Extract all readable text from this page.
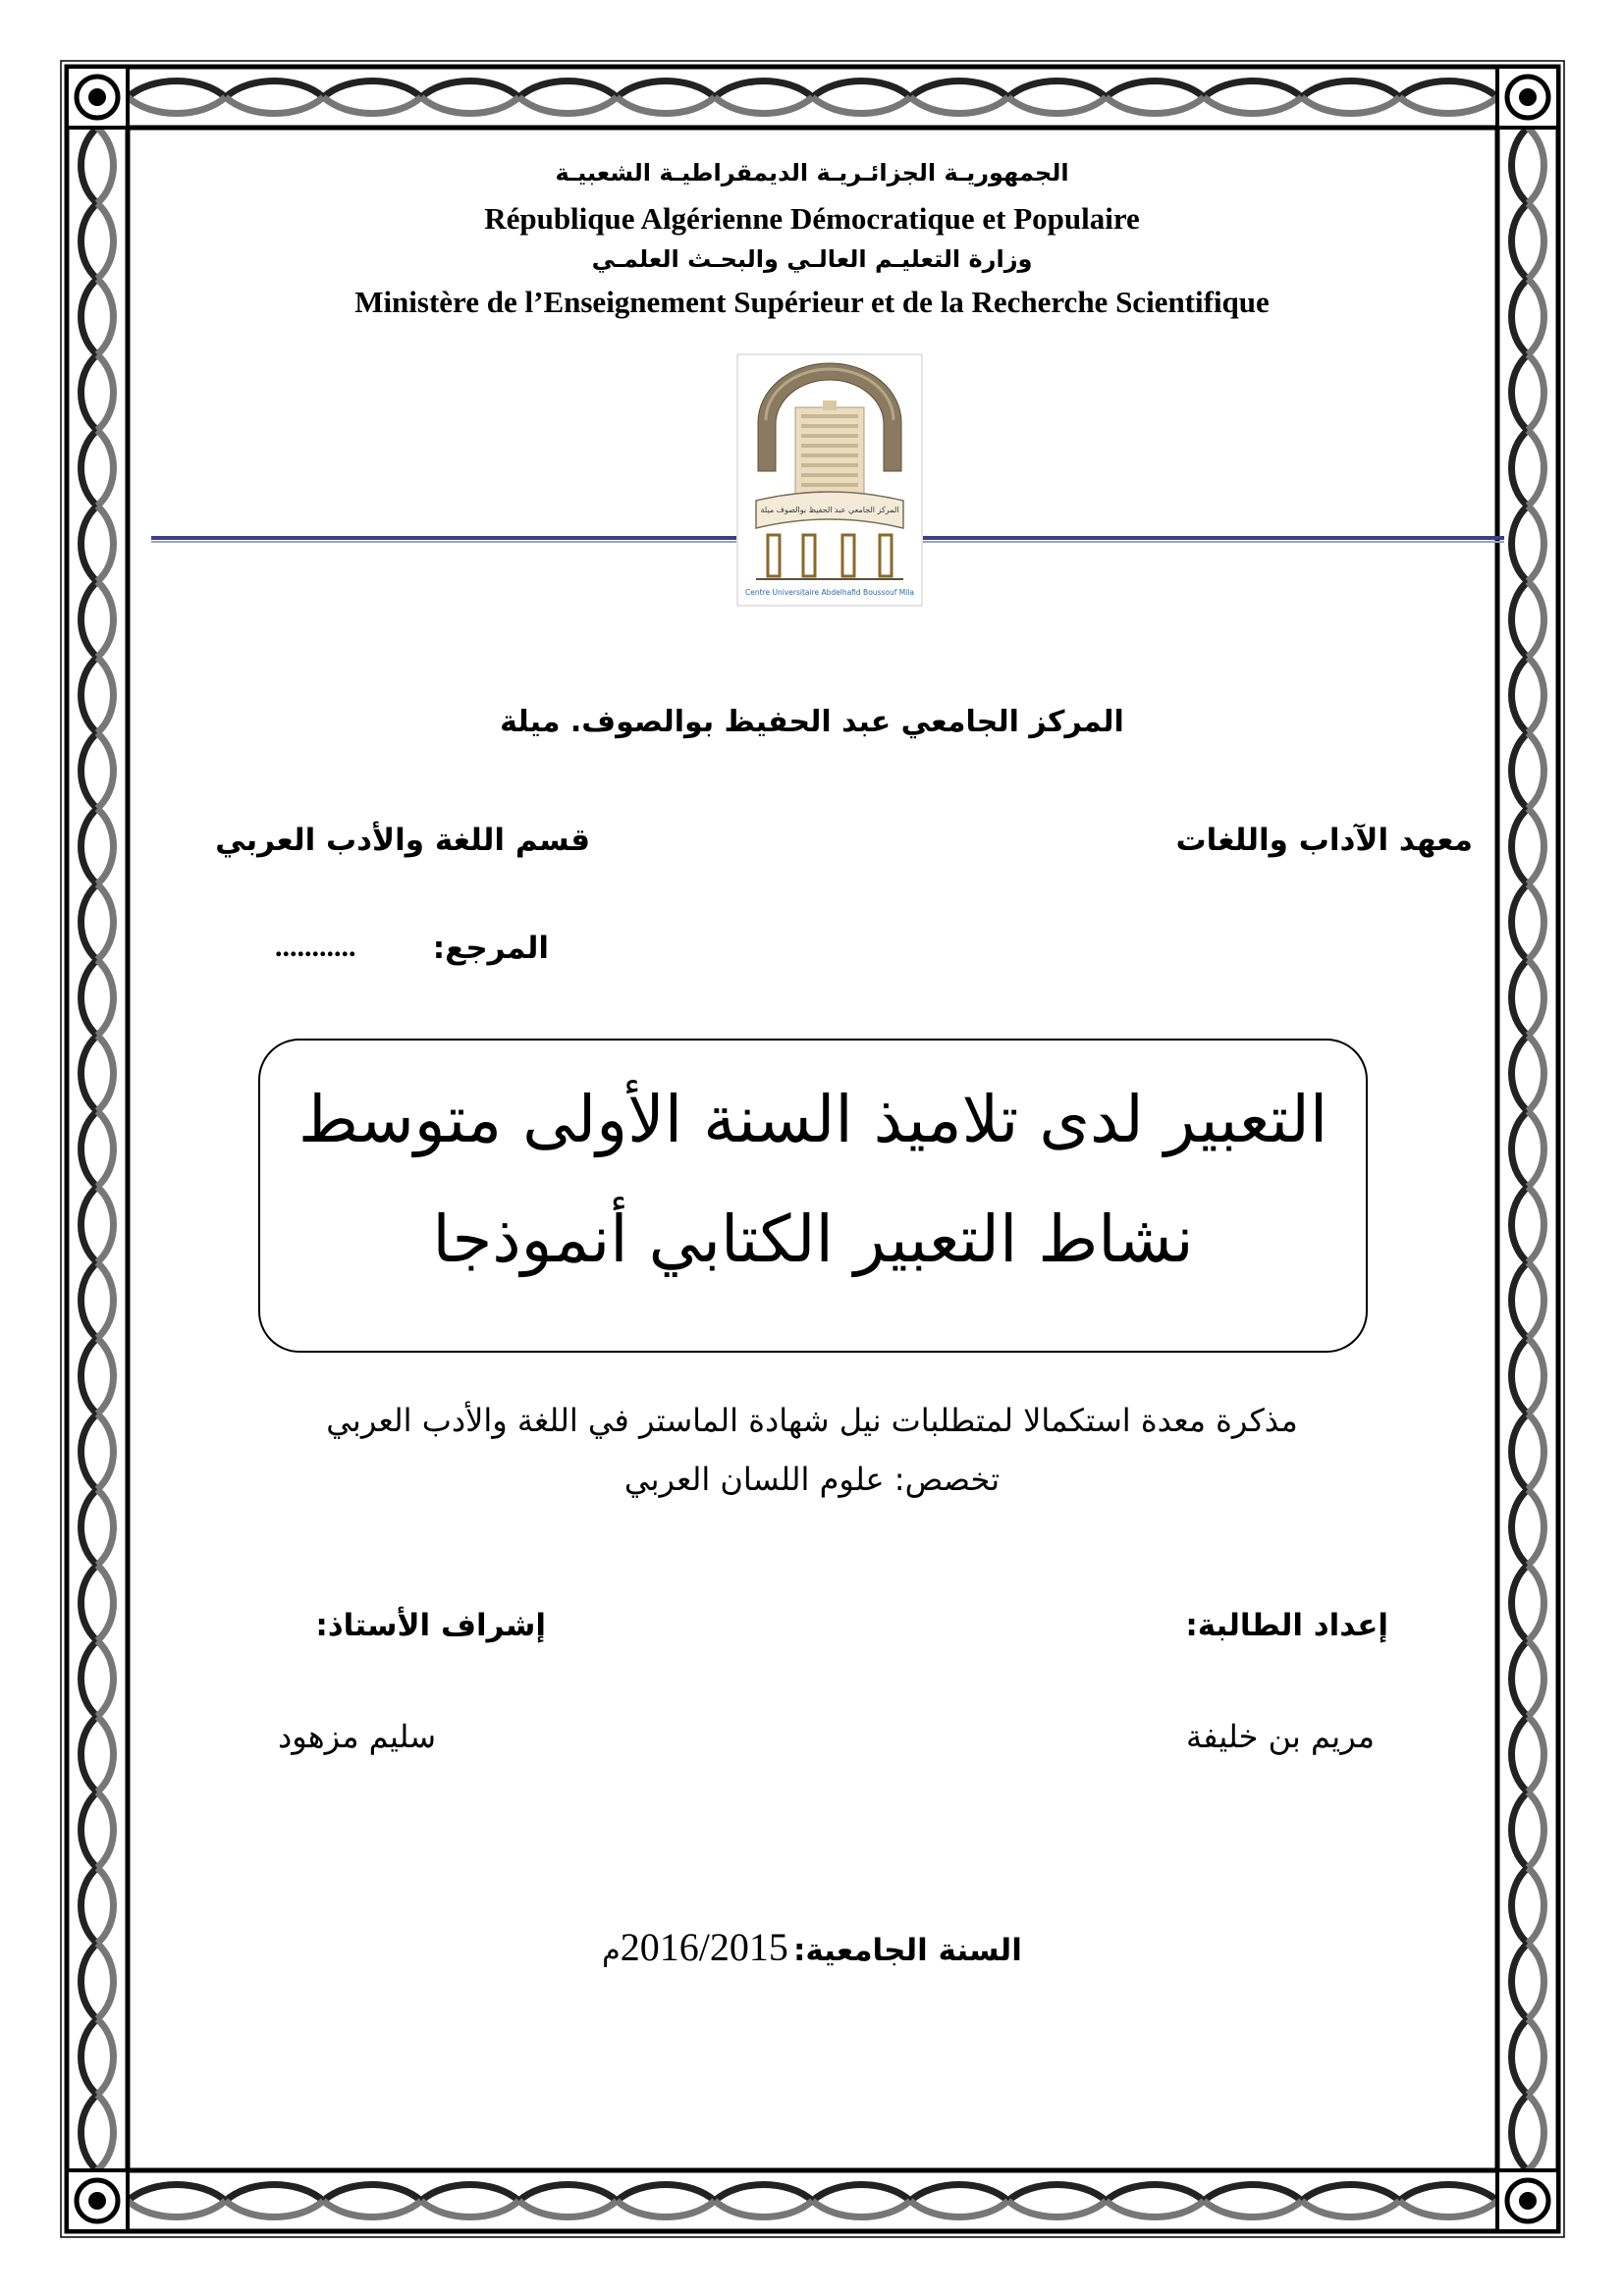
الجمهوريـة الجزائـريـة الديمقراطيـة الشعبيـة
République Algérienne Démocratique et Populaire
وزارة التعليـم العالـي والبحـث العلمـي
Ministère de l’Enseignement Supérieur et de la Recherche Scientifique
المركز الجامعي عبد الحفيظ بوالصوف ميلة
Centre Universitaire Abdelhafid Boussouf Mila
المركز الجامعي عبد الحفيظ بوالصوف. ميلة
معهد الآداب واللغات
قسم اللغة والأدب العربي
المرجع:
...........
التعبير لدى تلاميذ السنة الأولى متوسط
نشاط التعبير الكتابي أنموذجا
مذكرة معدة استكمالا لمتطلبات نيل شهادة الماستر في اللغة والأدب العربي
تخصص: علوم اللسان العربي
إعداد الطالبة:
إشراف الأستاذ:
مريم بن خليفة
سليم مزهود
السنة الجامعية: 2016/2015م
